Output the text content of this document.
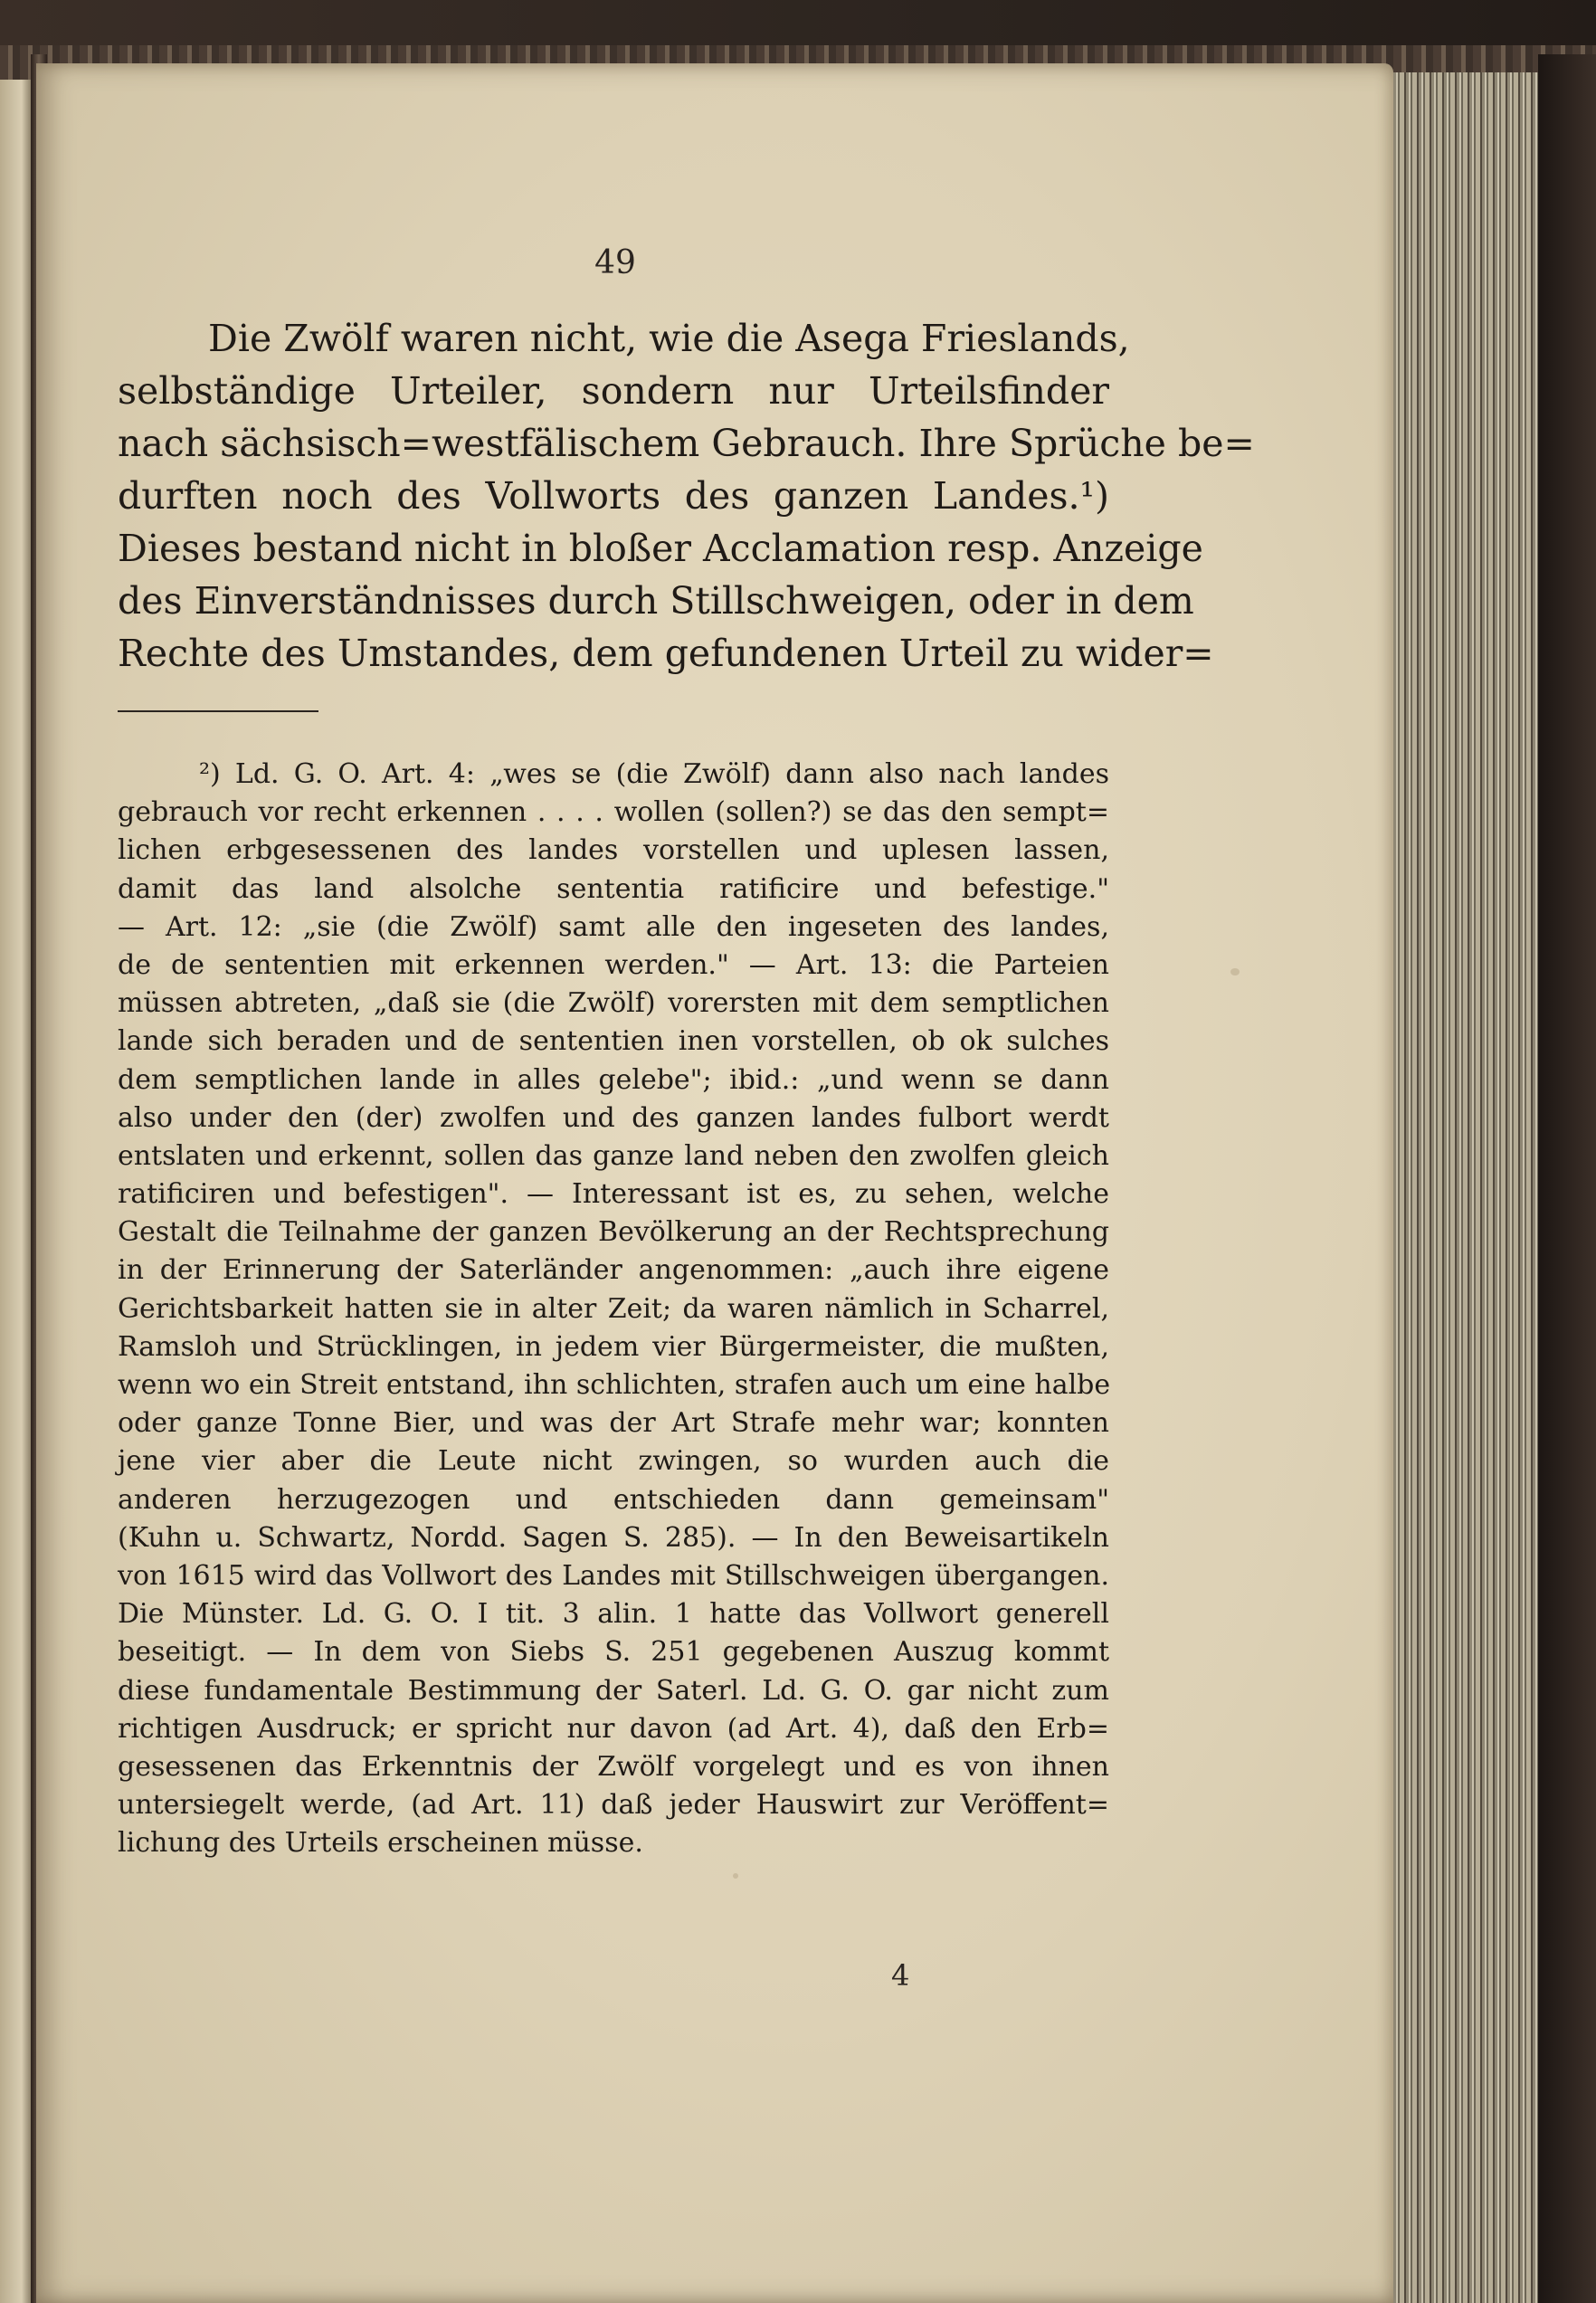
49
Die Zwölf waren nicht, wie die Asega Frieslands,
selbständige Urteiler, sondern nur Urteilsfinder
nach sächsisch=westfälischem Gebrauch. Ihre Sprüche be=
durften noch des Vollworts des ganzen Landes.¹)
Dieses bestand nicht in bloßer Acclamation resp. Anzeige
des Einverständnisses durch Stillschweigen, oder in dem
Rechte des Umstandes, dem gefundenen Urteil zu wider=
²) Ld. G. O. Art. 4: „wes se (die Zwölf) dann also nach landes
gebrauch vor recht erkennen . . . . wollen (sollen?) se das den sempt=
lichen erbgesessenen des landes vorstellen und uplesen lassen,
damit das land alsolche sententia ratificire und befestige."
— Art. 12: „sie (die Zwölf) samt alle den ingeseten des landes,
de de sententien mit erkennen werden." — Art. 13: die Parteien
müssen abtreten, „daß sie (die Zwölf) vorersten mit dem semptlichen
lande sich beraden und de sententien inen vorstellen, ob ok sulches
dem semptlichen lande in alles gelebe"; ibid.: „und wenn se dann
also under den (der) zwolfen und des ganzen landes fulbort werdt
entslaten und erkennt, sollen das ganze land neben den zwolfen gleich
ratificiren und befestigen". — Interessant ist es, zu sehen, welche
Gestalt die Teilnahme der ganzen Bevölkerung an der Rechtsprechung
in der Erinnerung der Saterländer angenommen: „auch ihre eigene
Gerichtsbarkeit hatten sie in alter Zeit; da waren nämlich in Scharrel,
Ramsloh und Strücklingen, in jedem vier Bürgermeister, die mußten,
wenn wo ein Streit entstand, ihn schlichten, strafen auch um eine halbe
oder ganze Tonne Bier, und was der Art Strafe mehr war; konnten
jene vier aber die Leute nicht zwingen, so wurden auch die
anderen herzugezogen und entschieden dann gemeinsam"
(Kuhn u. Schwartz, Nordd. Sagen S. 285). — In den Beweisartikeln
von 1615 wird das Vollwort des Landes mit Stillschweigen übergangen.
Die Münster. Ld. G. O. I tit. 3 alin. 1 hatte das Vollwort generell
beseitigt. — In dem von Siebs S. 251 gegebenen Auszug kommt
diese fundamentale Bestimmung der Saterl. Ld. G. O. gar nicht zum
richtigen Ausdruck; er spricht nur davon (ad Art. 4), daß den Erb=
gesessenen das Erkenntnis der Zwölf vorgelegt und es von ihnen
untersiegelt werde, (ad Art. 11) daß jeder Hauswirt zur Veröffent=
lichung des Urteils erscheinen müsse.
4
